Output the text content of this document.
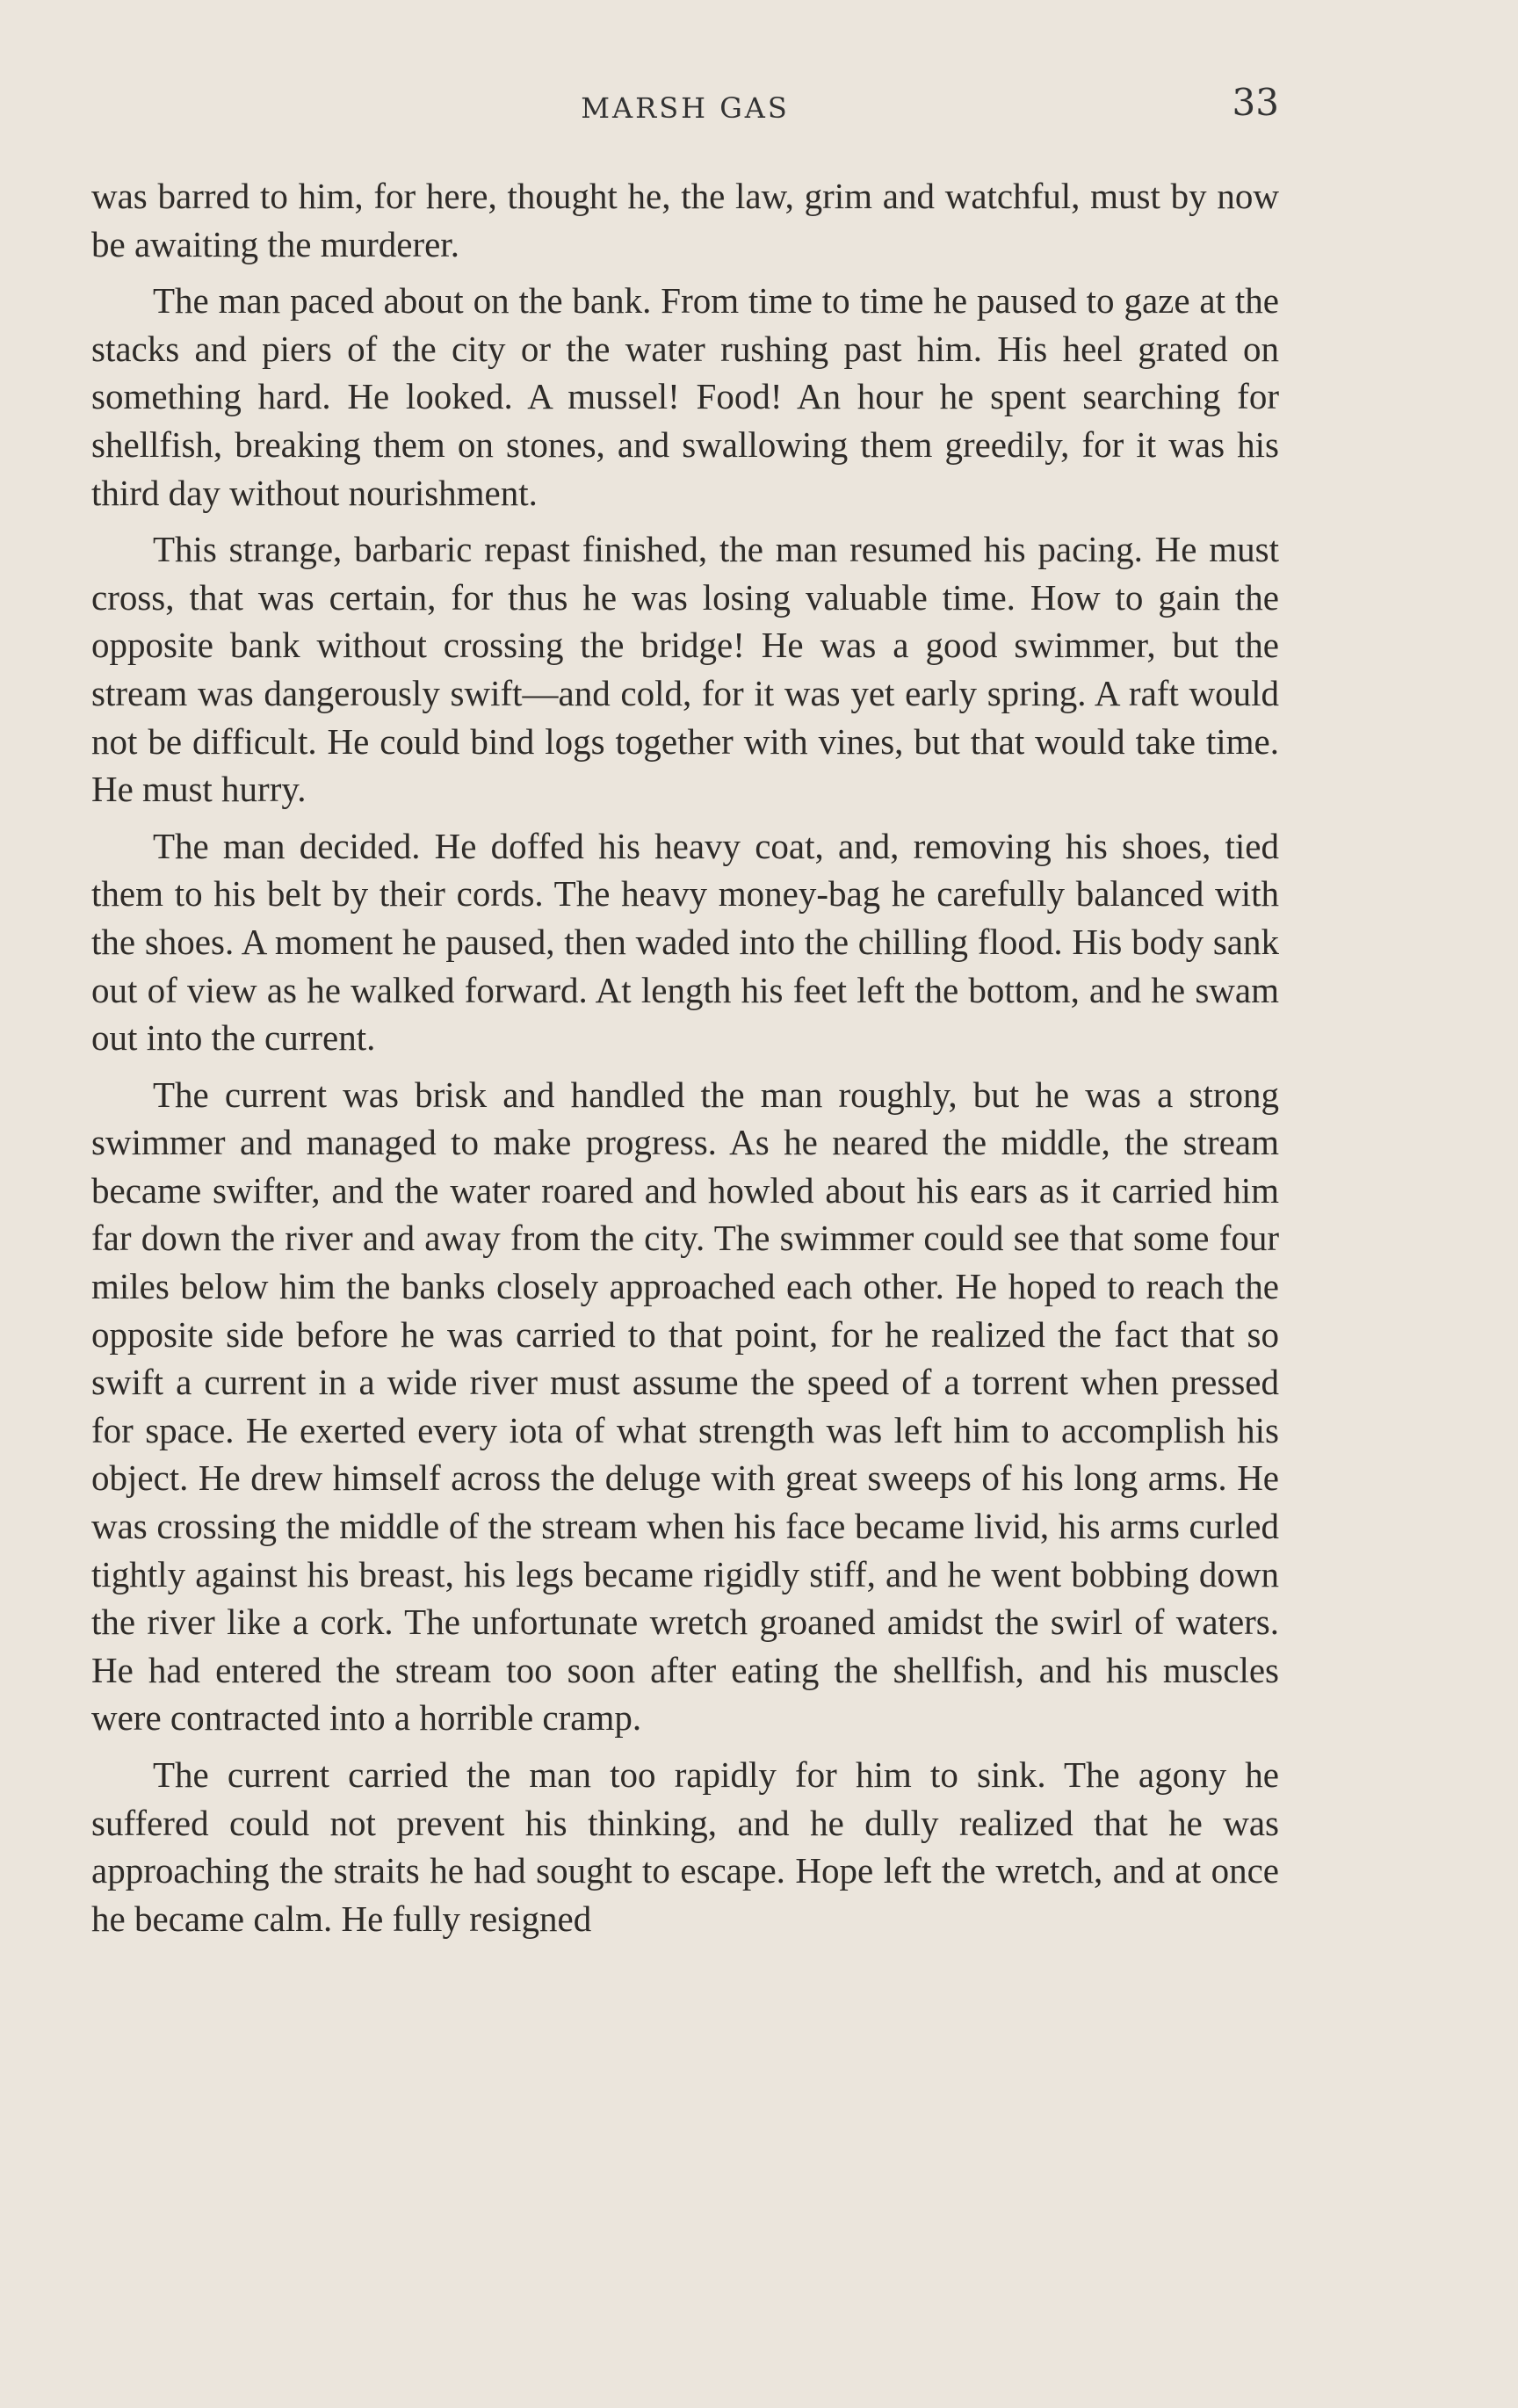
MARSH GAS	33

was barred to him, for here, thought he, the law, grim and watchful, must by now be awaiting the murderer.

The man paced about on the bank. From time to time he paused to gaze at the stacks and piers of the city or the water rushing past him. His heel grated on something hard. He looked. A mussel! Food! An hour he spent searching for shellfish, breaking them on stones, and swallowing them greedily, for it was his third day without nourishment.

This strange, barbaric repast finished, the man resumed his pacing. He must cross, that was certain, for thus he was losing valuable time. How to gain the opposite bank without crossing the bridge! He was a good swimmer, but the stream was dangerously swift—and cold, for it was yet early spring. A raft would not be difficult. He could bind logs together with vines, but that would take time. He must hurry.

The man decided. He doffed his heavy coat, and, removing his shoes, tied them to his belt by their cords. The heavy money-bag he carefully balanced with the shoes. A moment he paused, then waded into the chilling flood. His body sank out of view as he walked forward. At length his feet left the bottom, and he swam out into the current.

The current was brisk and handled the man roughly, but he was a strong swimmer and managed to make progress. As he neared the middle, the stream became swifter, and the water roared and howled about his ears as it carried him far down the river and away from the city. The swimmer could see that some four miles below him the banks closely approached each other. He hoped to reach the opposite side before he was carried to that point, for he realized the fact that so swift a current in a wide river must assume the speed of a torrent when pressed for space. He exerted every iota of what strength was left him to accomplish his object. He drew himself across the deluge with great sweeps of his long arms. He was crossing the middle of the stream when his face became livid, his arms curled tightly against his breast, his legs became rigidly stiff, and he went bobbing down the river like a cork. The unfortunate wretch groaned amidst the swirl of waters. He had entered the stream too soon after eating the shellfish, and his muscles were contracted into a horrible cramp.

The current carried the man too rapidly for him to sink. The agony he suffered could not prevent his thinking, and he dully realized that he was approaching the straits he had sought to escape. Hope left the wretch, and at once he became calm. He fully resigned
